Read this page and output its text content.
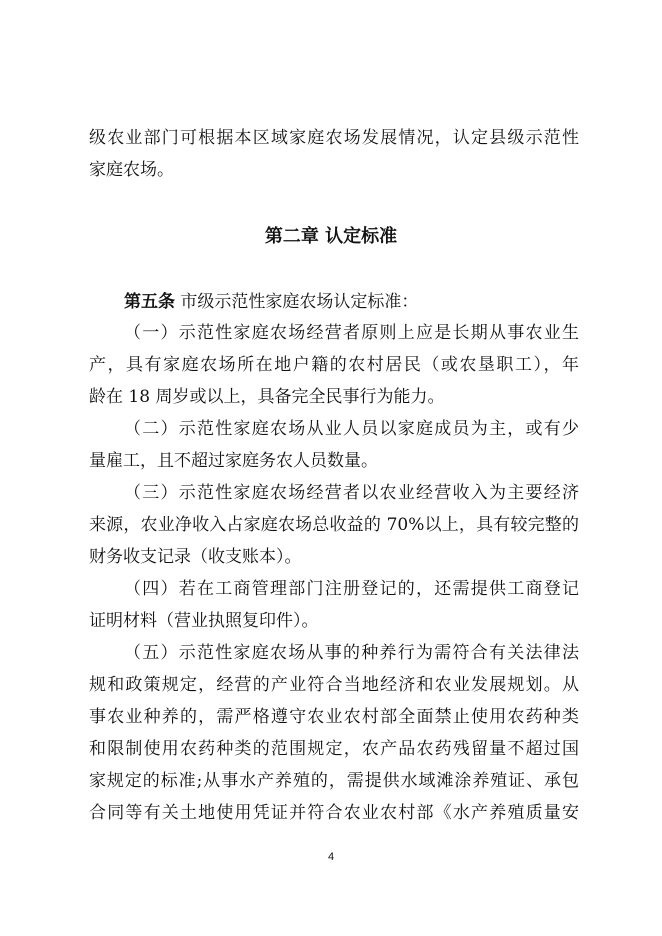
级农业部门可根据本区域家庭农场发展情况，认定县级示范性
家庭农场。
第二章 认定标准
第五条 市级示范性家庭农场认定标准：
（一）示范性家庭农场经营者原则上应是长期从事农业生
产，具有家庭农场所在地户籍的农村居民（或农垦职工），年
龄在 18 周岁或以上，具备完全民事行为能力。
（二）示范性家庭农场从业人员以家庭成员为主，或有少
量雇工，且不超过家庭务农人员数量。
（三）示范性家庭农场经营者以农业经营收入为主要经济
来源，农业净收入占家庭农场总收益的 70%以上，具有较完整的
财务收支记录（收支账本）。
（四）若在工商管理部门注册登记的，还需提供工商登记
证明材料（营业执照复印件）。
（五）示范性家庭农场从事的种养行为需符合有关法律法
规和政策规定，经营的产业符合当地经济和农业发展规划。从
事农业种养的，需严格遵守农业农村部全面禁止使用农药种类
和限制使用农药种类的范围规定，农产品农药残留量不超过国
家规定的标准;从事水产养殖的，需提供水域滩涂养殖证、承包
合同等有关土地使用凭证并符合农业农村部《水产养殖质量安
4
